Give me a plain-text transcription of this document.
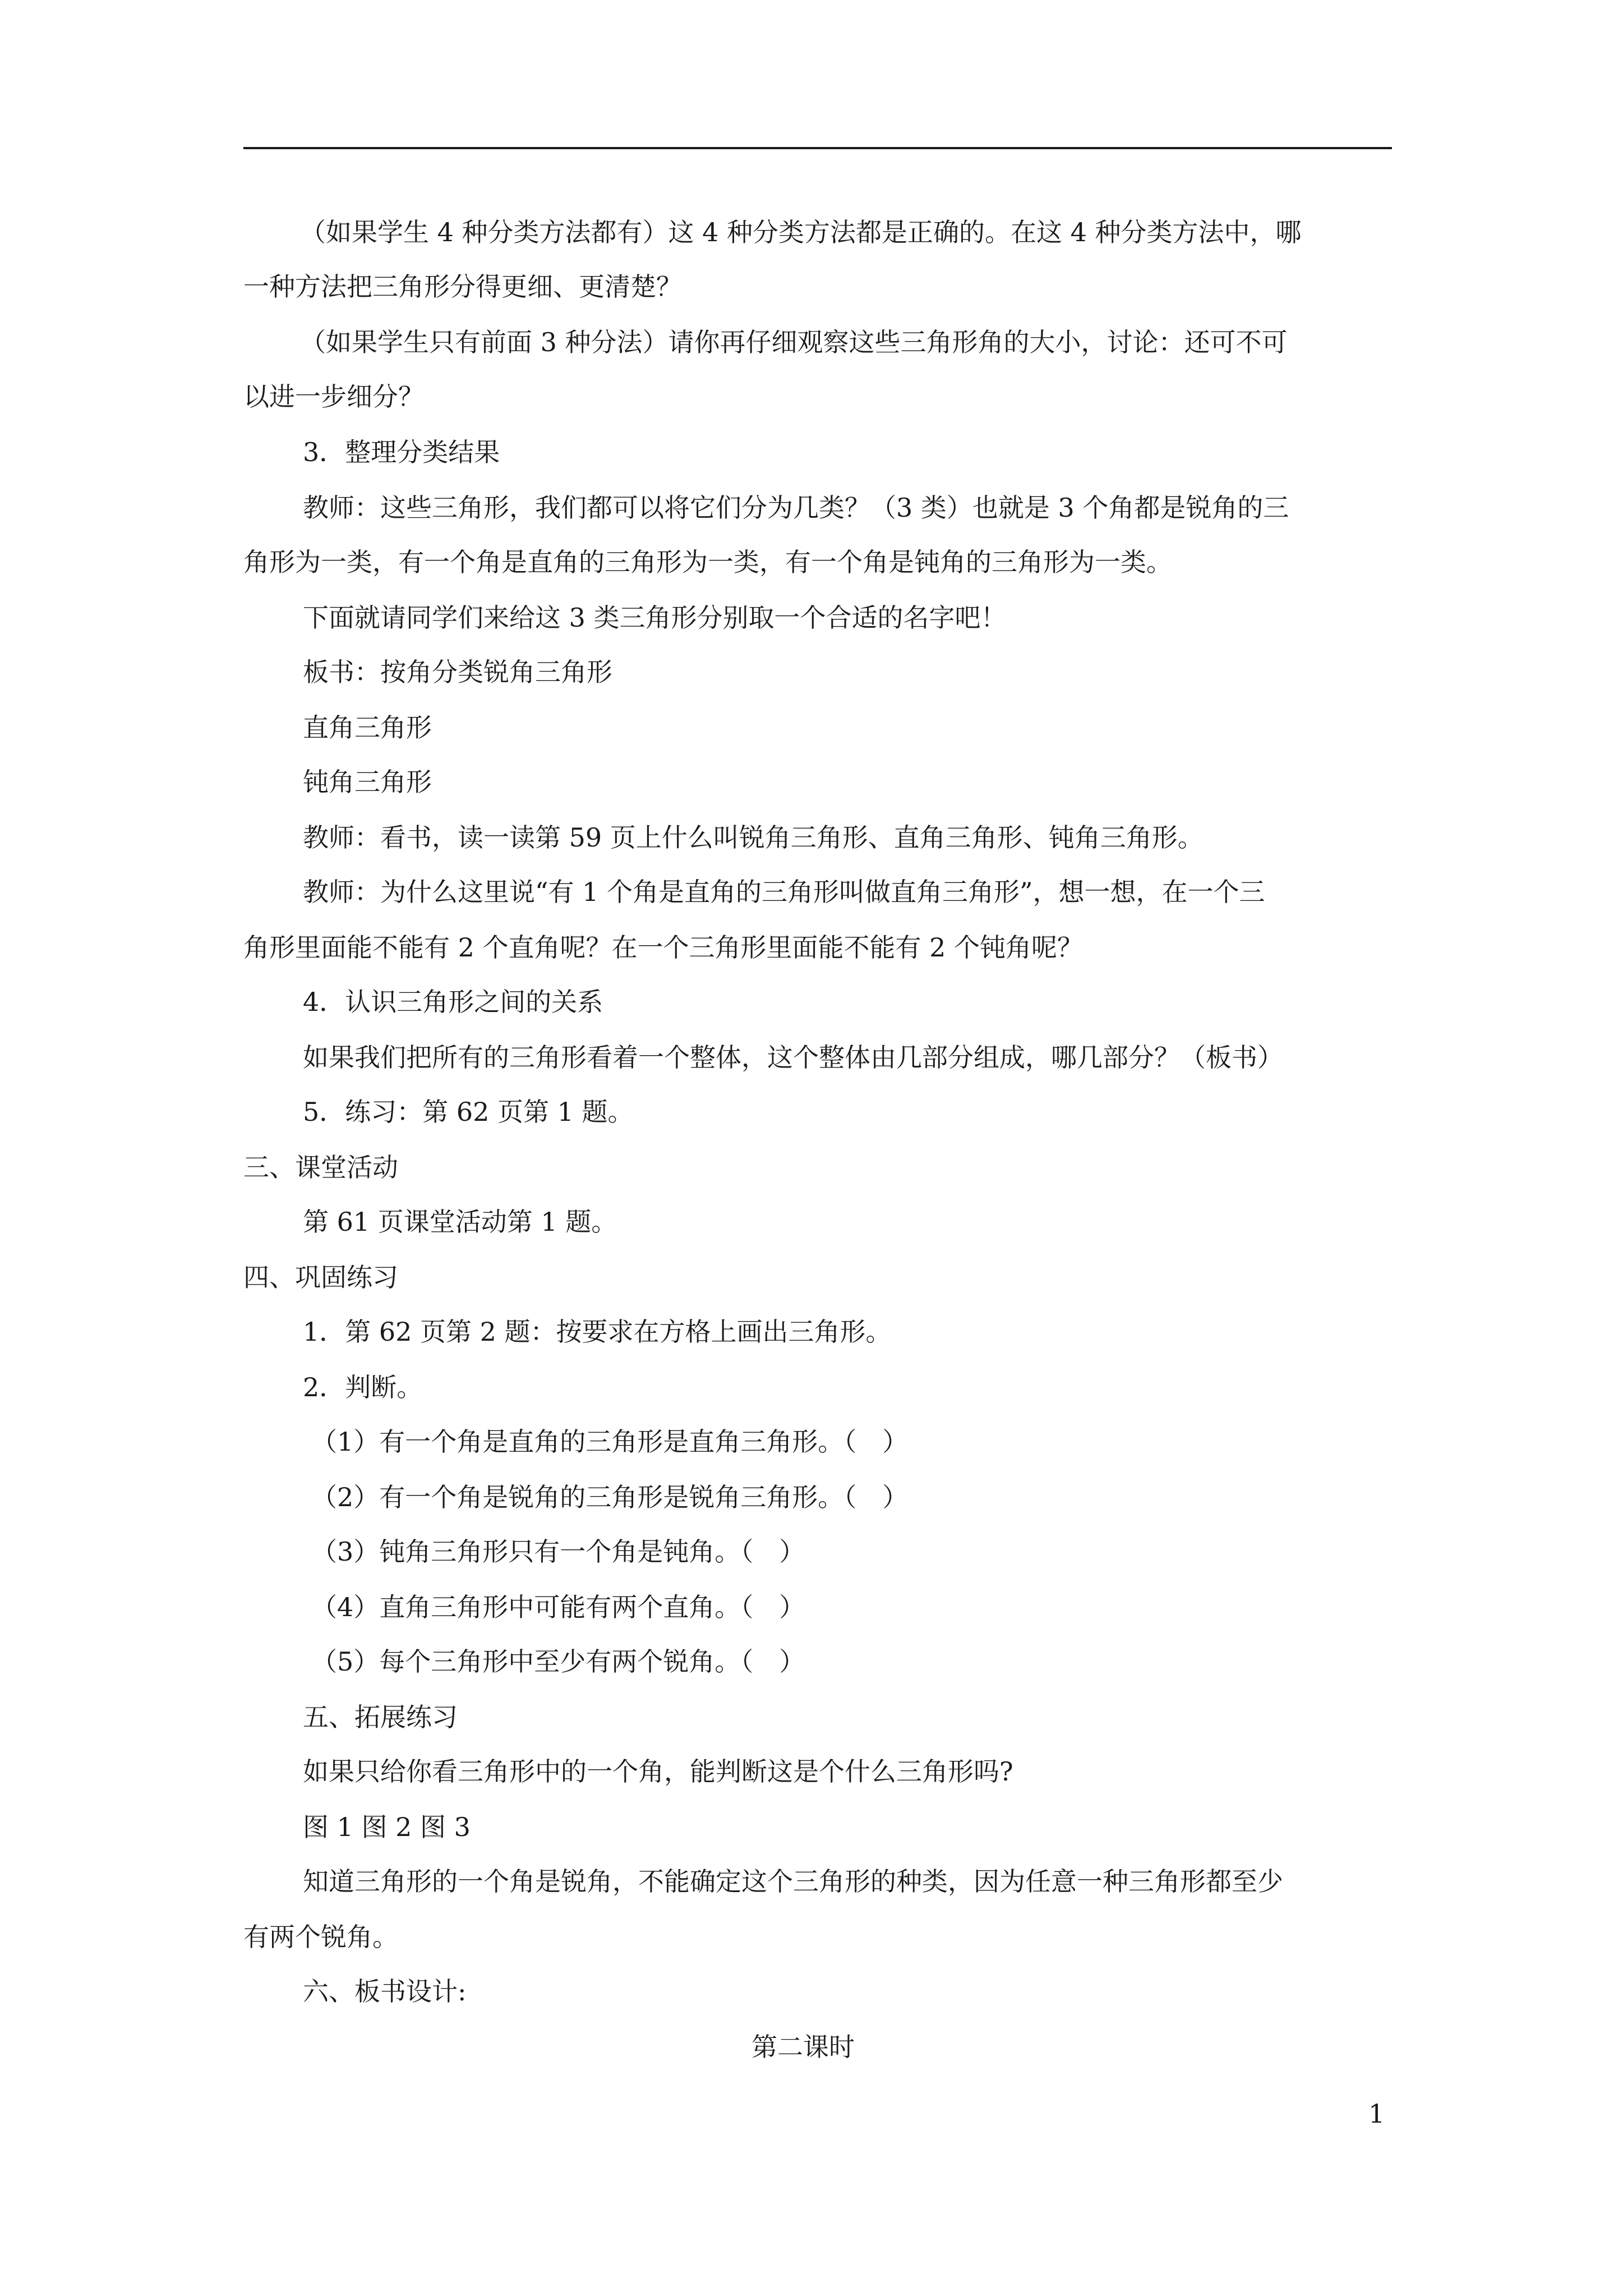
（如果学生 4 种分类方法都有）这 4 种分类方法都是正确的。在这 4 种分类方法中，哪
一种方法把三角形分得更细、更清楚？
（如果学生只有前面 3 种分法）请你再仔细观察这些三角形角的大小，讨论：还可不可
以进一步细分？
3．整理分类结果
教师：这些三角形，我们都可以将它们分为几类？（3 类）也就是 3 个角都是锐角的三
角形为一类，有一个角是直角的三角形为一类，有一个角是钝角的三角形为一类。
下面就请同学们来给这 3 类三角形分别取一个合适的名字吧！
板书：按角分类锐角三角形
直角三角形
钝角三角形
教师：看书，读一读第 59 页上什么叫锐角三角形、直角三角形、钝角三角形。
教师：为什么这里说“有 1 个角是直角的三角形叫做直角三角形”，想一想，在一个三
角形里面能不能有 2 个直角呢？在一个三角形里面能不能有 2 个钝角呢？
4．认识三角形之间的关系
如果我们把所有的三角形看着一个整体，这个整体由几部分组成，哪几部分？（板书）
5．练习：第 62 页第 1 题。
三、课堂活动
第 61 页课堂活动第 1 题。
四、巩固练习
1．第 62 页第 2 题：按要求在方格上画出三角形。
2．判断。
（1）有一个角是直角的三角形是直角三角形。（　）
（2）有一个角是锐角的三角形是锐角三角形。（　）
（3）钝角三角形只有一个角是钝角。（　）
（4）直角三角形中可能有两个直角。（　）
（5）每个三角形中至少有两个锐角。（　）
五、拓展练习
如果只给你看三角形中的一个角，能判断这是个什么三角形吗?
图 1 图 2 图 3
知道三角形的一个角是锐角，不能确定这个三角形的种类，因为任意一种三角形都至少
有两个锐角。
六、板书设计:
第二课时
1
